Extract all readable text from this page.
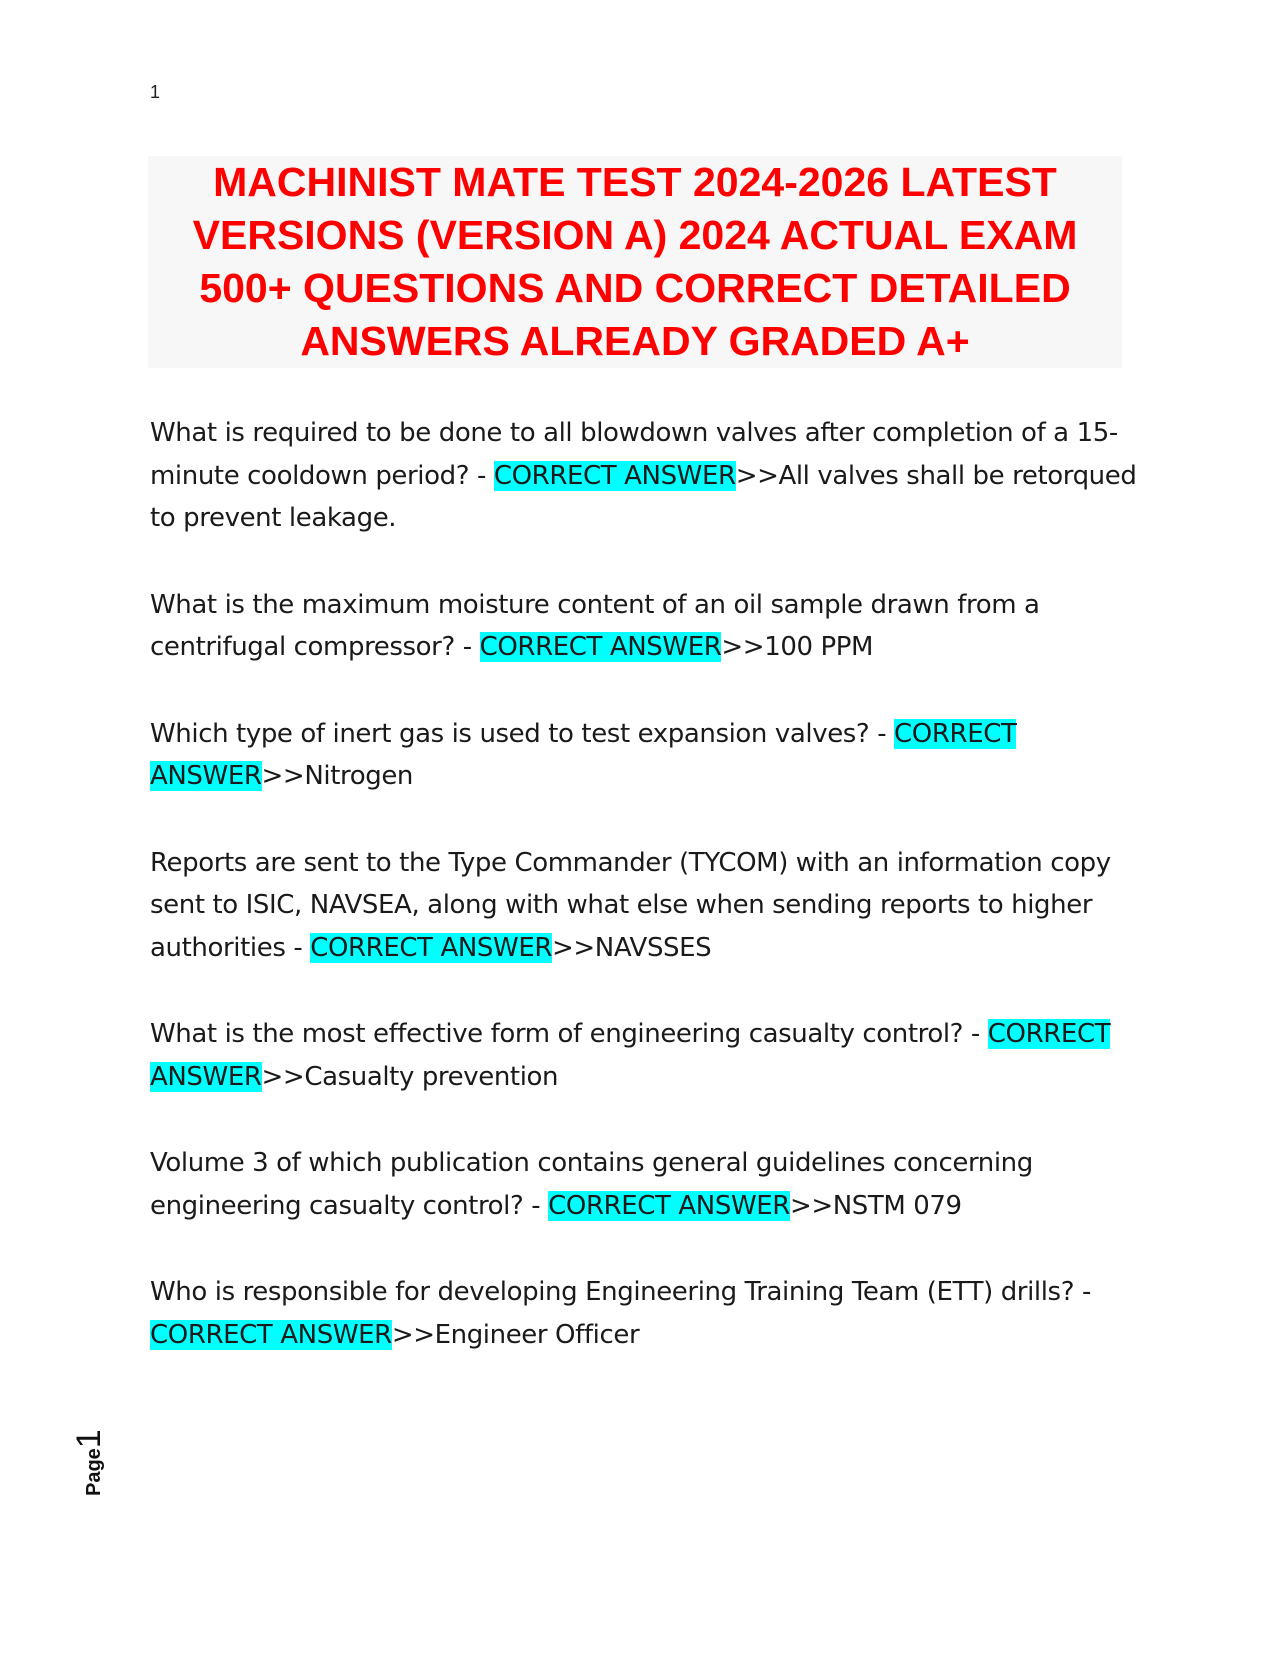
1
MACHINIST MATE TEST 2024-2026 LATEST
VERSIONS (VERSION A) 2024 ACTUAL EXAM
500+ QUESTIONS AND CORRECT DETAILED
ANSWERS ALREADY GRADED A+

What is required to be done to all blowdown valves after completion of a 15-minute cooldown period? - CORRECT ANSWER>>All valves shall be retorqued to prevent leakage.

What is the maximum moisture content of an oil sample drawn from a centrifugal compressor? - CORRECT ANSWER>>100 PPM

Which type of inert gas is used to test expansion valves? - CORRECT ANSWER>>Nitrogen

Reports are sent to the Type Commander (TYCOM) with an information copy sent to ISIC, NAVSEA, along with what else when sending reports to higher authorities - CORRECT ANSWER>>NAVSSES

What is the most effective form of engineering casualty control? - CORRECT ANSWER>>Casualty prevention

Volume 3 of which publication contains general guidelines concerning engineering casualty control? - CORRECT ANSWER>>NSTM 079

Who is responsible for developing Engineering Training Team (ETT) drills? - CORRECT ANSWER>>Engineer Officer

Page1
